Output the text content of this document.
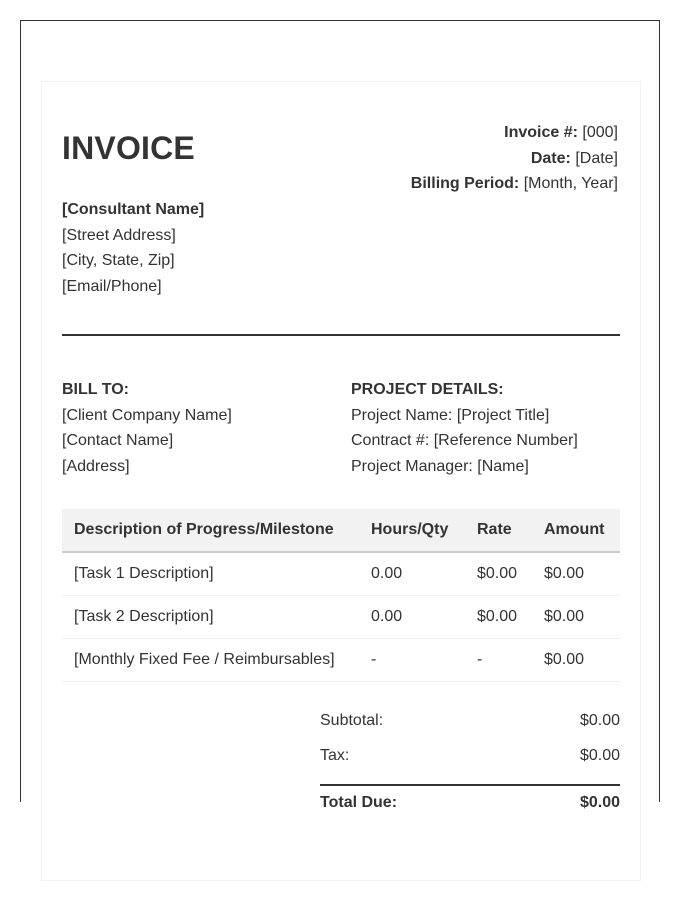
INVOICE	Invoice #: [000]
Date: [Date]
Billing Period: [Month, Year]
[Consultant Name]
[Street Address]
[City, State, Zip]
[Email/Phone]
BILL TO:
[Client Company Name]
[Contact Name]
[Address]
PROJECT DETAILS:
Project Name: [Project Title]
Contract #: [Reference Number]
Project Manager: [Name]
Description of Progress/Milestone	Hours/Qty	Rate	Amount
[Task 1 Description]	0.00	$0.00	$0.00
[Task 2 Description]	0.00	$0.00	$0.00
[Monthly Fixed Fee / Reimbursables]	-	-	$0.00
Subtotal:	$0.00
Tax:	$0.00
Total Due:	$0.00
